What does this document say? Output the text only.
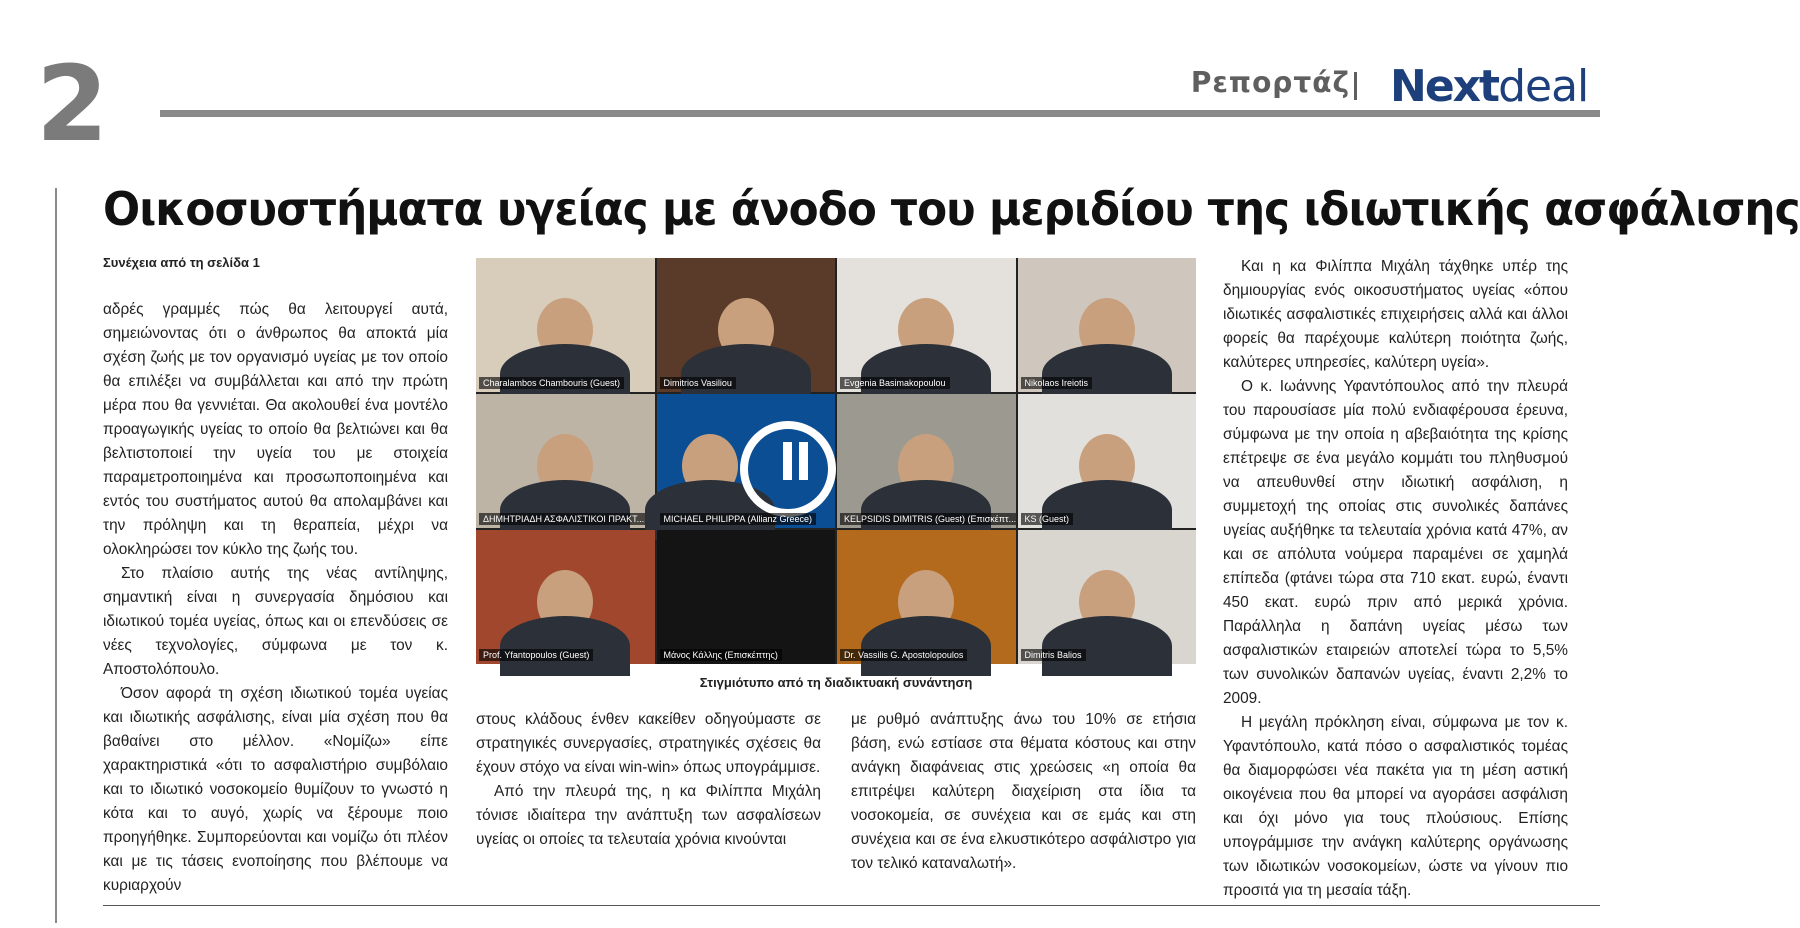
2	Ρεπορτάζ Nextdeal
Οικοσυστήματα υγείας με άνοδο του μεριδίου της ιδιωτικής ασφάλισης
Συνέχεια από τη σελίδα 1

αδρές γραμμές πώς θα λειτουργεί αυτά, σημειώνοντας ότι ο άνθρωπος θα αποκτά μία σχέση ζωής με τον οργανισμό υγείας με τον οποίο θα επιλέξει να συμβάλλεται και από την πρώτη μέρα που θα γεννιέται. Θα ακολουθεί ένα μοντέλο προαγωγικής υγείας το οποίο θα βελτιώνει και θα βελτιστοποιεί την υγεία του με στοιχεία παραμετροποιημένα και προσωποποιημένα και εντός του συστήματος αυτού θα απολαμβάνει και την πρόληψη και τη θεραπεία, μέχρι να ολοκληρώσει τον κύκλο της ζωής του.

Στο πλαίσιο αυτής της νέας αντίληψης, σημαντική είναι η συνεργασία δημόσιου και ιδιωτικού τομέα υγείας, όπως και οι επενδύσεις σε νέες τεχνολογίες, σύμφωνα με τον κ. Αποστολόπουλο.

Όσον αφορά τη σχέση ιδιωτικού τομέα υγείας και ιδιωτικής ασφάλισης, είναι μία σχέση που θα βαθαίνει στο μέλλον. «Νομίζω» είπε χαρακτηριστικά «ότι το ασφαλιστήριο συμβόλαιο και το ιδιωτικό νοσοκομείο θυμίζουν το γνωστό η κότα και το αυγό, χωρίς να ξέρουμε ποιο προηγήθηκε. Συμπορεύονται και νομίζω ότι πλέον και με τις τάσεις ενοποίησης που βλέπουμε να κυριαρχούν

Charalambos Chambouris (Guest)	Dimitrios Vasiliou	Evgenia Basimakopoulou	Nikolaos Ireiotis
ΔΗΜΗΤΡΙΑΔΗ ΑΣΦΑΛΙΣΤΙΚΟΙ ΠΡΑΚΤ...	MICHAEL PHILIPPA (Allianz Greece)	KELPSIDIS DIMITRIS (Guest) (Επισκέπτ... KS (Guest)
Prof. Yfantopoulos (Guest)	Μάνος Κάλλης (Επισκέπτης)	Dr. Vassilis G. Apostolopoulos	Dimitris Balios
Στιγμιότυπο από τη διαδικτυακή συνάντηση

στους κλάδους ένθεν κακείθεν οδηγούμαστε σε στρατηγικές συνεργασίες, στρατηγικές σχέσεις θα έχουν στόχο να είναι win-win» όπως υπογράμμισε.

Από την πλευρά της, η κα Φιλίππα Μιχάλη τόνισε ιδιαίτερα την ανάπτυξη των ασφαλίσεων υγείας οι οποίες τα τελευταία χρόνια κινούνται

με ρυθμό ανάπτυξης άνω του 10% σε ετήσια βάση, ενώ εστίασε στα θέματα κόστους και στην ανάγκη διαφάνειας στις χρεώσεις «η οποία θα επιτρέψει καλύτερη διαχείριση στα ίδια τα νοσοκομεία, σε συνέχεια και σε εμάς και στη συνέχεια και σε ένα ελκυστικότερο ασφάλιστρο για τον τελικό καταναλωτή».

Και η κα Φιλίππα Μιχάλη τάχθηκε υπέρ της δημιουργίας ενός οικοσυστήματος υγείας «όπου ιδιωτικές ασφαλιστικές επιχειρήσεις αλλά και άλλοι φορείς θα παρέχουμε καλύτερη ποιότητα ζωής, καλύτερες υπηρεσίες, καλύτερη υγεία».

Ο κ. Ιωάννης Υφαντόπουλος από την πλευρά του παρουσίασε μία πολύ ενδιαφέρουσα έρευνα, σύμφωνα με την οποία η αβεβαιότητα της κρίσης επέτρεψε σε ένα μεγάλο κομμάτι του πληθυσμού να απευθυνθεί στην ιδιωτική ασφάλιση, η συμμετοχή της οποίας στις συνολικές δαπάνες υγείας αυξήθηκε τα τελευταία χρόνια κατά 47%, αν και σε απόλυτα νούμερα παραμένει σε χαμηλά επίπεδα (φτάνει τώρα στα 710 εκατ. ευρώ, έναντι 450 εκατ. ευρώ πριν από μερικά χρόνια. Παράλληλα η δαπάνη υγείας μέσω των ασφαλιστικών εταιρειών αποτελεί τώρα το 5,5% των συνολικών δαπανών υγείας, έναντι 2,2% το 2009.

Η μεγάλη πρόκληση είναι, σύμφωνα με τον κ. Υφαντόπουλο, κατά πόσο ο ασφαλιστικός τομέας θα διαμορφώσει νέα πακέτα για τη μέση αστική οικογένεια που θα μπορεί να αγοράσει ασφάλιση και όχι μόνο για τους πλούσιους. Επίσης υπογράμμισε την ανάγκη καλύτερης οργάνωσης των ιδιωτικών νοσοκομείων, ώστε να γίνουν πιο προσιτά για τη μεσαία τάξη.
